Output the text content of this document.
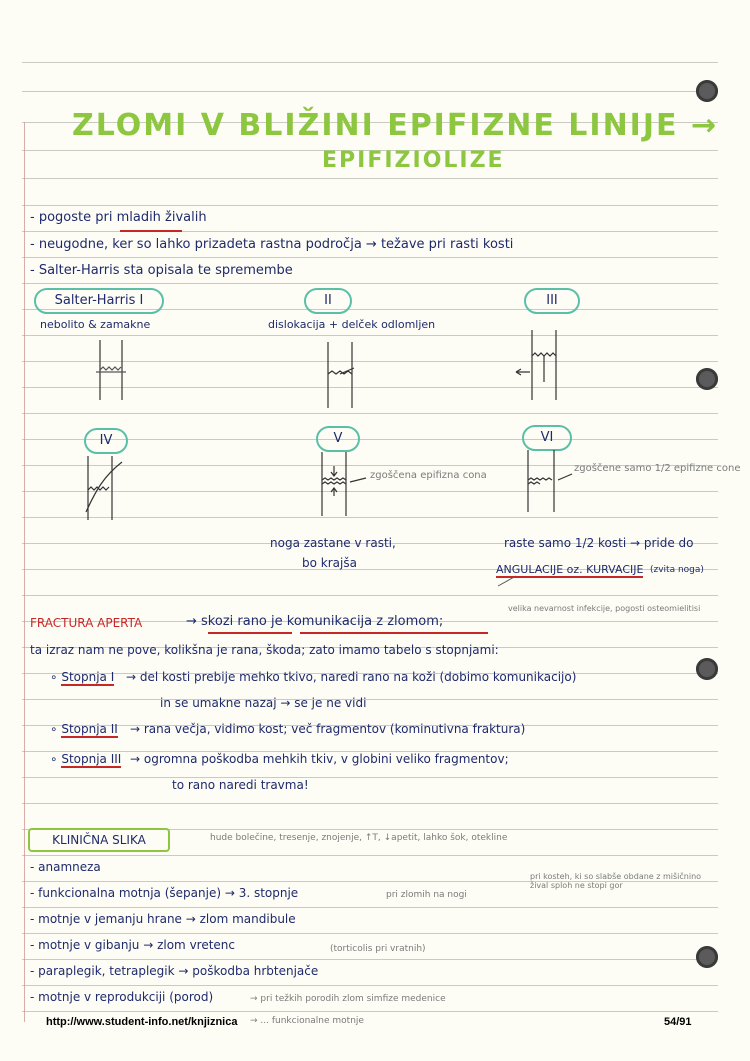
ZLOMI V BLIŽINI EPIFIZNE LINIJE →
EPIFIZIOLIZE
- pogoste pri mladih živalih
- neugodne, ker so lahko prizadeta rastna področja → težave pri rasti kosti
- Salter-Harris sta opisala te spremembe
Salter-Harris I	II	III
IV	V	VI
nebolito & zamakne	dislokacija + delček odlomljen
zgoščena epifizna cona
zgoščene samo 1/2 epifizne cone
noga zastane v rasti,
bo krajša
raste samo 1/2 kosti → pride do
ANGULACIJE oz. KURVACIJE (zvita noga)
FRACTURA APERTA	→ skozi rano je komunikacija z zlomom;
velika nevarnost infekcije, pogosti osteomielitisi
ta izraz nam ne pove, kolikšna je rana, škoda; zato imamo tabelo s stopnjami:
∘ Stopnja I → del kosti prebije mehko tkivo, naredi rano na koži (dobimo komunikacijo)
in se umakne nazaj → se je ne vidi
∘ Stopnja II → rana večja, vidimo kost; več fragmentov (kominutivna fraktura)
∘ Stopnja III → ogromna poškodba mehkih tkiv, v globini veliko fragmentov;
to rano naredi travma!
KLINIČNA SLIKA	hude bolečine, tresenje, znojenje, ↑T, ↓apetit, lahko šok, otekline
- anamneza
- funkcionalna motnja (šepanje) → 3. stopnje
- motnje v jemanju hrane → zlom mandibule
- motnje v gibanju → zlom vretenc
- paraplegik, tetraplegik → poškodba hrbtenjače
- motnje v reprodukciji (porod)
pri zlomih na nogi
pri kosteh, ki so slabše obdane z mišičnino žival sploh ne stopi gor
(torticolis pri vratnih)
→ pri težkih porodih zlom simfize medenice
→ ... funkcionalne motnje
http://www.student-info.net/knjiznica	54/91
